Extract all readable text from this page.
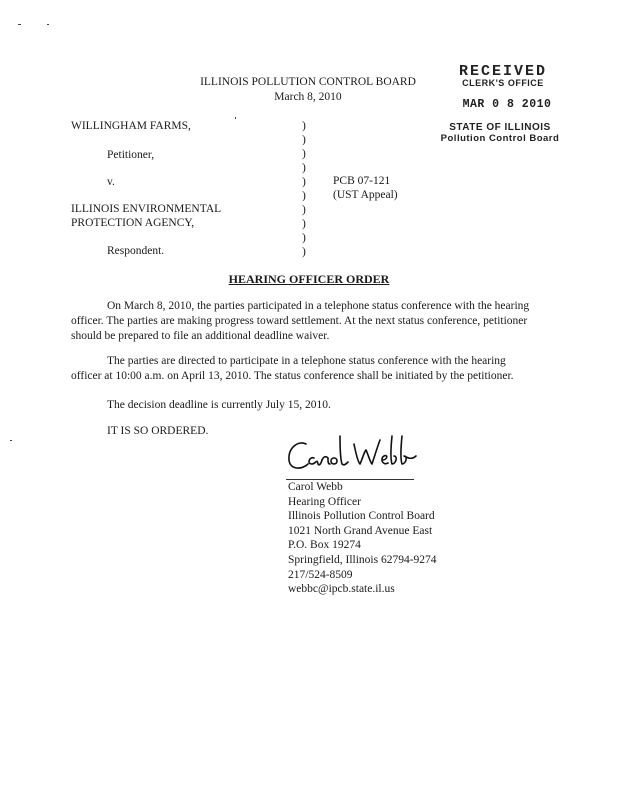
ILLINOIS POLLUTION CONTROL BOARD
March 8, 2010
RECEIVED
CLERK'S OFFICE
MAR 0 8 2010
STATE OF ILLINOIS
Pollution Control Board
WILLINGHAM FARMS,
Petitioner,
v.
ILLINOIS ENVIRONMENTAL
PROTECTION AGENCY,
Respondent.
)
)
)
)
)
)
)
)
)
)
PCB 07-121
(UST Appeal)
HEARING OFFICER ORDER
On March 8, 2010, the parties participated in a telephone status conference with the hearing officer. The parties are making progress toward settlement. At the next status conference, petitioner should be prepared to file an additional deadline waiver.
The parties are directed to participate in a telephone status conference with the hearing officer at 10:00 a.m. on April 13, 2010. The status conference shall be initiated by the petitioner.
The decision deadline is currently July 15, 2010.
IT IS SO ORDERED.
Carol Webb
Hearing Officer
Illinois Pollution Control Board
1021 North Grand Avenue East
P.O. Box 19274
Springfield, Illinois 62794-9274
217/524-8509
webbc@ipcb.state.il.us
